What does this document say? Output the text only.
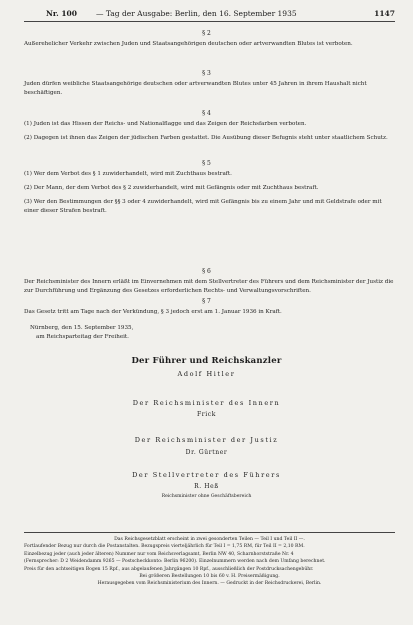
Nr. 100	— Tag der Ausgabe: Berlin, den 16. September 1935	1147
§ 2
Außerehelicher Verkehr zwischen Juden und Staatsangehörigen deutschen oder artverwandten Blutes ist verboten.
§ 3
Juden dürfen weibliche Staatsangehörige deutschen oder artverwandten Blutes unter 45 Jahren in ihrem Haushalt nicht beschäftigen.
§ 4
(1) Juden ist das Hissen der Reichs- und Nationalflagge und das Zeigen der Reichsfarben verboten.
(2) Dagegen ist ihnen das Zeigen der jüdischen Farben gestattet. Die Ausübung dieser Befugnis steht unter staatlichem Schutz.
§ 5
(1) Wer dem Verbot des § 1 zuwiderhandelt, wird mit Zuchthaus bestraft.
(2) Der Mann, der dem Verbot des § 2 zuwiderhandelt, wird mit Gefängnis oder mit Zuchthaus bestraft.
(3) Wer den Bestimmungen der §§ 3 oder 4 zuwiderhandelt, wird mit Gefängnis bis zu einem Jahr und mit Geldstrafe oder mit einer dieser Strafen bestraft.
§ 6
Der Reichsminister des Innern erläßt im Einvernehmen mit dem Stellvertreter des Führers und dem Reichsminister der Justiz die zur Durchführung und Ergänzung des Gesetzes erforderlichen Rechts- und Verwaltungsvorschriften.
§ 7
Das Gesetz tritt am Tage nach der Verkündung, § 3 jedoch erst am 1. Januar 1936 in Kraft.
Nürnberg, den 15. September 1935,
am Reichsparteitag der Freiheit.
Der Führer und Reichskanzler
Adolf Hitler
Der Reichsminister des Innern
Frick
Der Reichsminister der Justiz
Dr. Gürtner
Der Stellvertreter des Führers
R. Heß
Reichsminister ohne Geschäftsbereich
Das Reichsgesetzblatt erscheint in zwei gesonderten Teilen — Teil I und Teil II —.
Fortlaufender Bezug nur durch die Postanstalten. Bezugspreis vierteljährlich für Teil I = 1,75 RM, für Teil II = 2,10 RM.
Einzelbezug jeder (auch jeder älteren) Nummer nur vom Reichsverlagsamt, Berlin NW 40, Scharnhorststraße Nr. 4
(Fernsprecher: D 2 Weidendamm 9265 — Postscheckkonto: Berlin 96200). Einzelnummern werden nach dem Umfang berechnet.
Preis für den achtseitigen Bogen 15 Rpf., aus abgelaufenen Jahrgängen 10 Rpf., ausschließlich der Postdrucksachengebühr.
Bei größeren Bestellungen 10 bis 60 v. H. Preisermäßigung.
Herausgegeben vom Reichsministerium des Innern. — Gedruckt in der Reichsdruckerei, Berlin.
